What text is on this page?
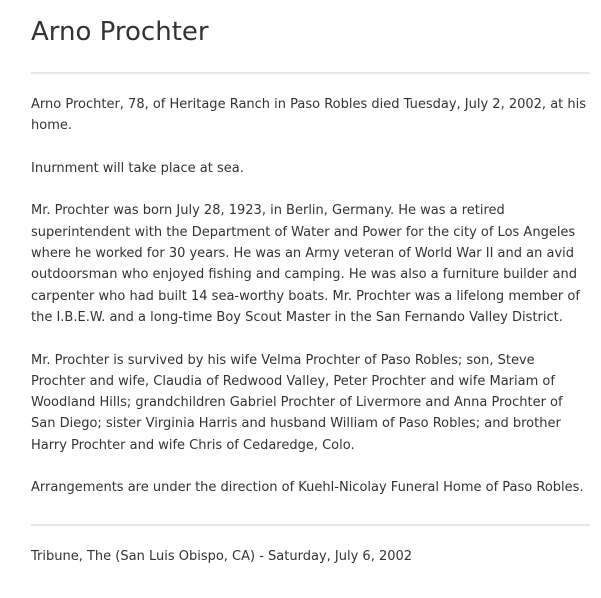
Arno Prochter

Arno Prochter, 78, of Heritage Ranch in Paso Robles died Tuesday, July 2, 2002, at his home.

Inurnment will take place at sea.

Mr. Prochter was born July 28, 1923, in Berlin, Germany. He was a retired superintendent with the Department of Water and Power for the city of Los Angeles where he worked for 30 years. He was an Army veteran of World War II and an avid outdoorsman who enjoyed fishing and camping. He was also a furniture builder and carpenter who had built 14 sea-worthy boats. Mr. Prochter was a lifelong member of the I.B.E.W. and a long-time Boy Scout Master in the San Fernando Valley District.

Mr. Prochter is survived by his wife Velma Prochter of Paso Robles; son, Steve Prochter and wife, Claudia of Redwood Valley, Peter Prochter and wife Mariam of Woodland Hills; grandchildren Gabriel Prochter of Livermore and Anna Prochter of San Diego; sister Virginia Harris and husband William of Paso Robles; and brother Harry Prochter and wife Chris of Cedaredge, Colo.

Arrangements are under the direction of Kuehl-Nicolay Funeral Home of Paso Robles.

Tribune, The (San Luis Obispo, CA) - Saturday, July 6, 2002
